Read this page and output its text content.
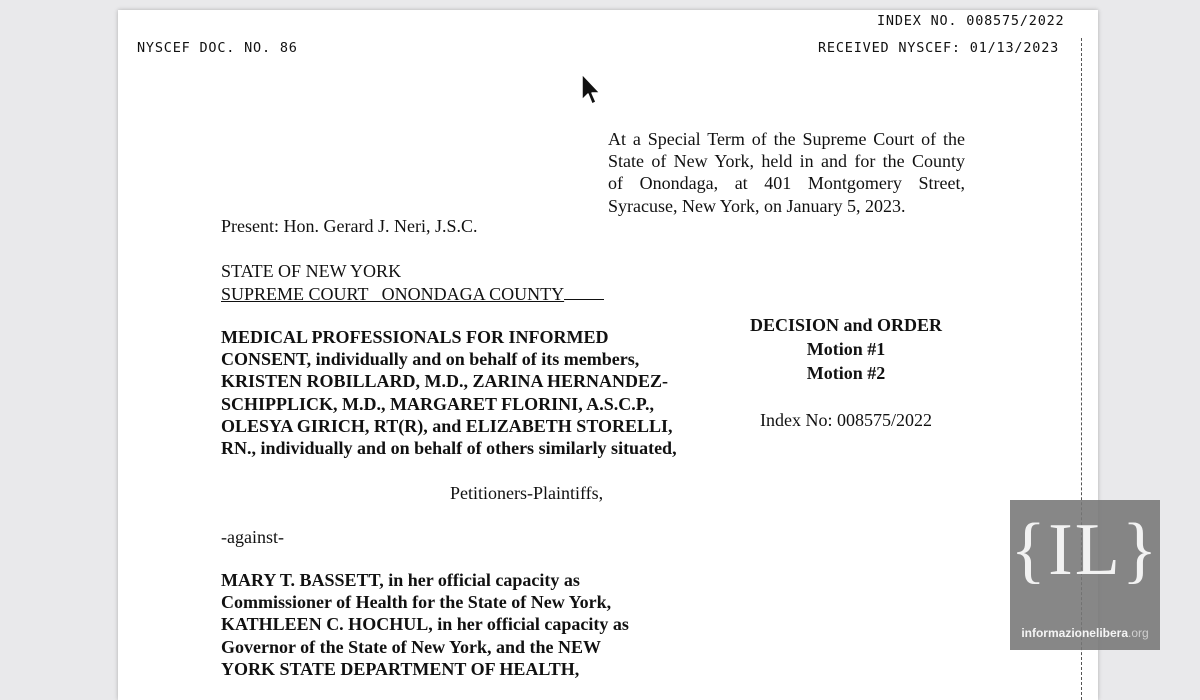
INDEX NO. 008575/2022
NYSCEF DOC. NO. 86	RECEIVED NYSCEF: 01/13/2023
At a Special Term of the Supreme Court of the
State of New York, held in and for the County
of Onondaga, at 401 Montgomery Street,
Syracuse, New York, on January 5, 2023.
Present: Hon. Gerard J. Neri, J.S.C.
STATE OF NEW YORK
SUPREME COURT   ONONDAGA COUNTY
MEDICAL PROFESSIONALS FOR INFORMED
CONSENT, individually and on behalf of its members,
KRISTEN ROBILLARD, M.D., ZARINA HERNANDEZ-
SCHIPPLICK, M.D., MARGARET FLORINI, A.S.C.P.,
OLESYA GIRICH, RT(R), and ELIZABETH STORELLI,
RN., individually and on behalf of others similarly situated,
DECISION and ORDER
Motion #1
Motion #2
Index No: 008575/2022
Petitioners-Plaintiffs,
-against-
MARY T. BASSETT, in her official capacity as
Commissioner of Health for the State of New York,
KATHLEEN C. HOCHUL, in her official capacity as
Governor of the State of New York, and the NEW
YORK STATE DEPARTMENT OF HEALTH,
{IL}
informazionelibera.org
